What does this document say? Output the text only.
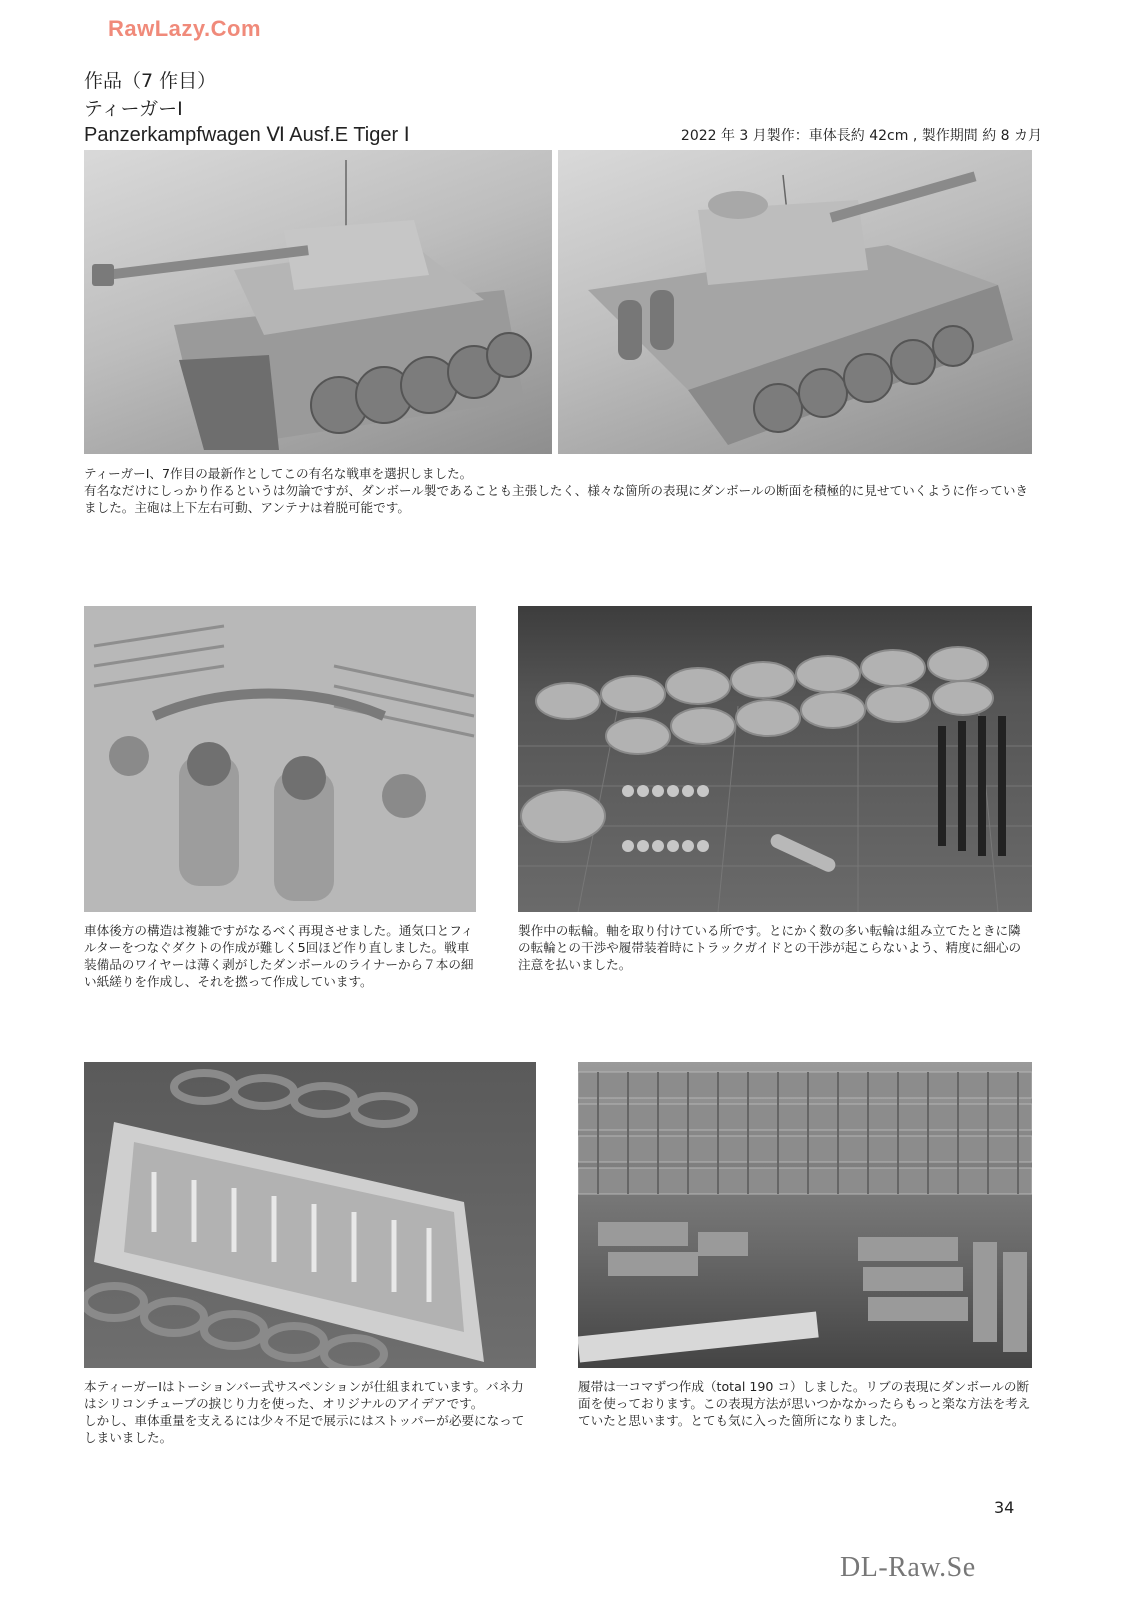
RawLazy.Com
作品（7 作目）
ティーガーⅠ
Panzerkampfwagen Ⅵ Ausf.E Tiger Ⅰ	2022 年 3 月製作：車体長約 42cm , 製作期間 約 8 カ月

ティーガーⅠ、7作目の最新作としてこの有名な戦車を選択しました。

有名なだけにしっかり作るというは勿論ですが、ダンボール製であることも主張したく、様々な箇所の表現にダンボールの断面を積極的に見せていくように作っていきました。主砲は上下左右可動、アンテナは着脱可能です。

車体後方の構造は複雑ですがなるべく再現させました。通気口とフィルターをつなぐダクトの作成が難しく5回ほど作り直しました。戦車装備品のワイヤーは薄く剥がしたダンボールのライナーから７本の細い紙縒りを作成し、それを撚って作成しています。
製作中の転輪。軸を取り付けている所です。とにかく数の多い転輪は組み立てたときに隣の転輪との干渉や履帯装着時にトラックガイドとの干渉が起こらないよう、精度に細心の注意を払いました。

本ティーガーⅠはトーションバー式サスペンションが仕組まれています。バネ力はシリコンチューブの捩じり力を使った、オリジナルのアイデアです。

しかし、車体重量を支えるには少々不足で展示にはストッパーが必要になってしまいました。

履帯は一コマずつ作成（total 190 コ）しました。リブの表現にダンボールの断面を使っております。この表現方法が思いつかなかったらもっと楽な方法を考えていたと思います。とても気に入った箇所になりました。
34
DL-Raw.Se
